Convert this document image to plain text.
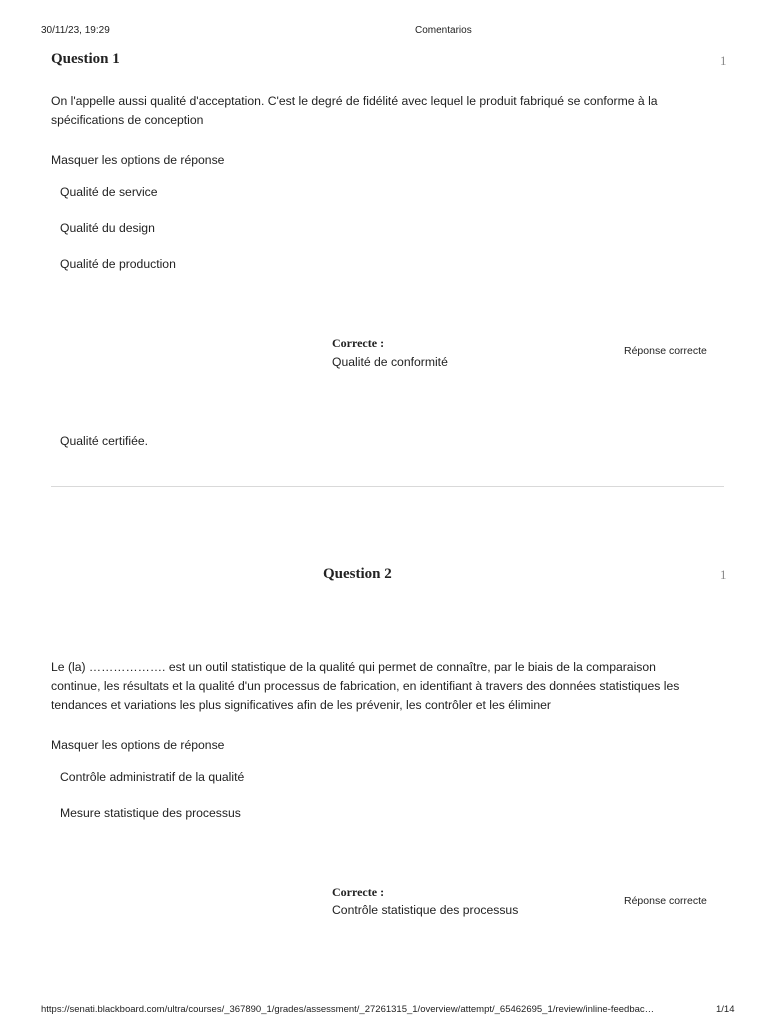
30/11/23, 19:29	Comentarios
Question 1	1
On l'appelle aussi qualité d'acceptation. C'est le degré de fidélité avec lequel le produit fabriqué se conforme à la spécifications de conception
Masquer les options de réponse
Qualité de service
Qualité du design
Qualité de production
Correcte :
Qualité de conformité
Réponse correcte
Qualité certifiée.
Question 2	1
Le (la) ………………. est un outil statistique de la qualité qui permet de connaître, par le biais de la comparaison continue, les résultats et la qualité d'un processus de fabrication, en identifiant à travers des données statistiques les tendances et variations les plus significatives afin de les prévenir, les contrôler et les éliminer
Masquer les options de réponse
Contrôle administratif de la qualité
Mesure statistique des processus
Correcte :
Contrôle statistique des processus
Réponse correcte
https://senati.blackboard.com/ultra/courses/_367890_1/grades/assessment/_27261315_1/overview/attempt/_65462695_1/review/inline-feedbac…	1/14
